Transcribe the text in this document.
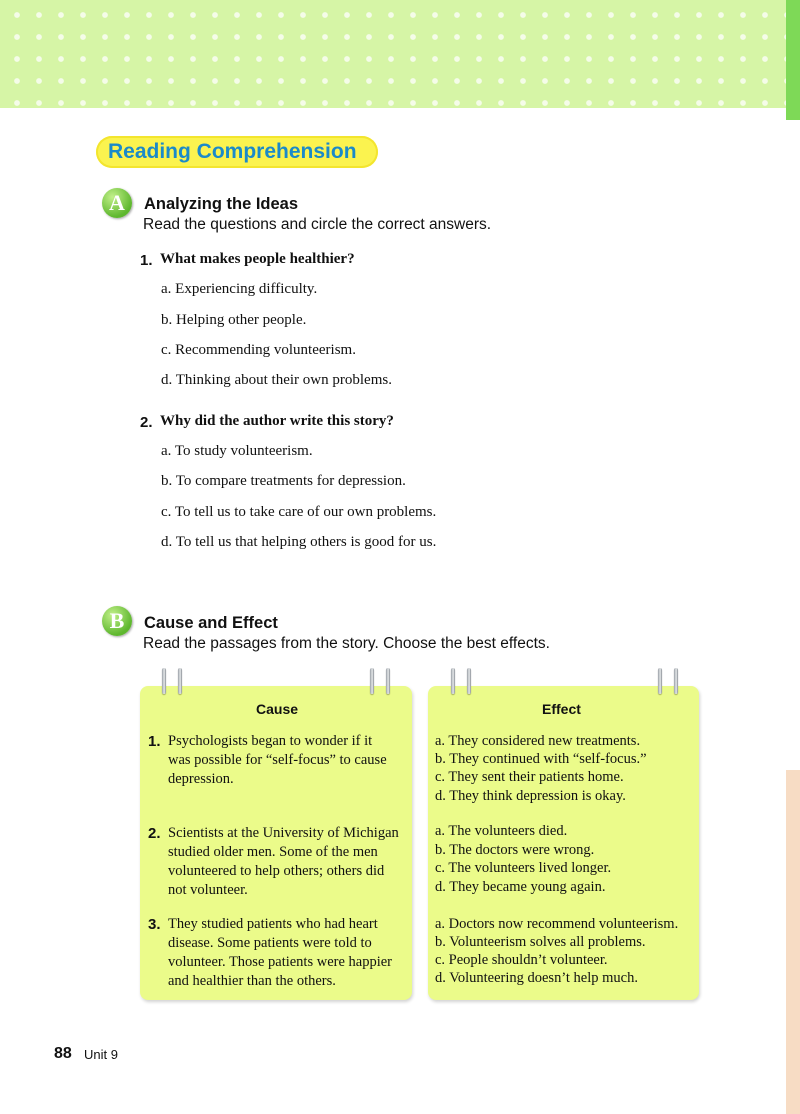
Reading Comprehension
A	Analyzing the Ideas
Read the questions and circle the correct answers.
1. What makes people healthier?
a. Experiencing difficulty.
b. Helping other people.
c. Recommending volunteerism.
d. Thinking about their own problems.
2. Why did the author write this story?
a. To study volunteerism.
b. To compare treatments for depression.
c. To tell us to take care of our own problems.
d. To tell us that helping others is good for us.
B	Cause and Effect
Read the passages from the story. Choose the best effects.
Cause	Effect
1. Psychologists began to wonder if it
was possible for “self-focus” to cause
depression.
a. They considered new treatments.
b. They continued with “self-focus.”
c. They sent their patients home.
d. They think depression is okay.
2. Scientists at the University of Michigan
studied older men. Some of the men
volunteered to help others; others did
not volunteer.
a. The volunteers died.
b. The doctors were wrong.
c. The volunteers lived longer.
d. They became young again.
3. They studied patients who had heart
disease. Some patients were told to
volunteer. Those patients were happier
and healthier than the others.
a. Doctors now recommend volunteerism.
b. Volunteerism solves all problems.
c. People shouldn’t volunteer.
d. Volunteering doesn’t help much.
88 Unit 9
